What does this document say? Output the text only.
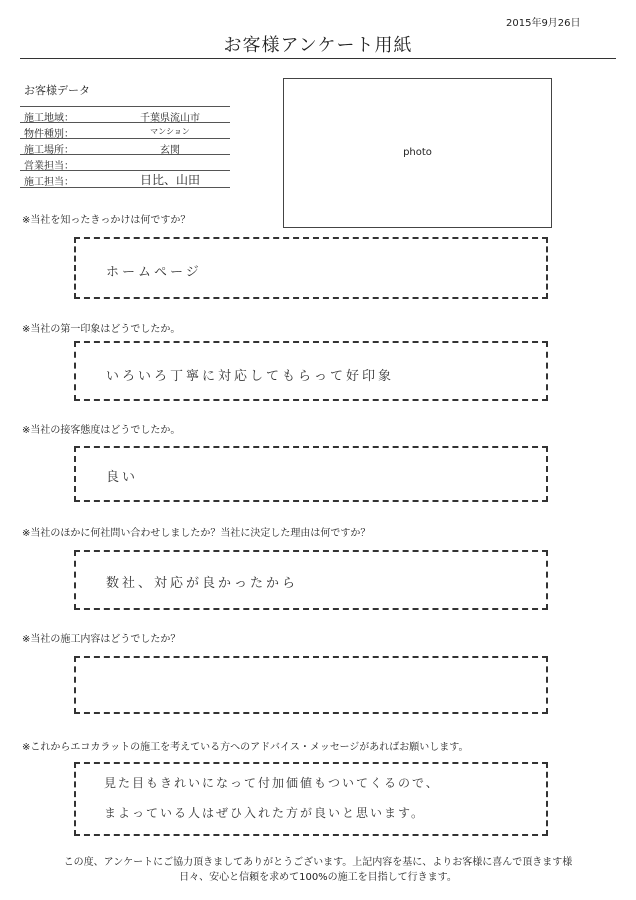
2015年9月26日
お客様アンケート用紙
お客様データ
施工地域：	千葉県流山市
物件種別：	マンション
施工場所：	玄関
営業担当：
施工担当：	日比、山田
photo
※当社を知ったきっかけは何ですか？
ホームページ
※当社の第一印象はどうでしたか。
いろいろ丁寧に対応してもらって好印象
※当社の接客態度はどうでしたか。
良い
※当社のほかに何社問い合わせしましたか？当社に決定した理由は何ですか？
数社、対応が良かったから
※当社の施工内容はどうでしたか？
※これからエコカラットの施工を考えている方へのアドバイス・メッセージがあればお願いします。
見た目もきれいになって付加価値もついてくるので、
まよっている人はぜひ入れた方が良いと思います。
この度、アンケートにご協力頂きましてありがとうございます。上記内容を基に、よりお客様に喜んで頂きます様
日々、安心と信頼を求めて100%の施工を目指して行きます。
